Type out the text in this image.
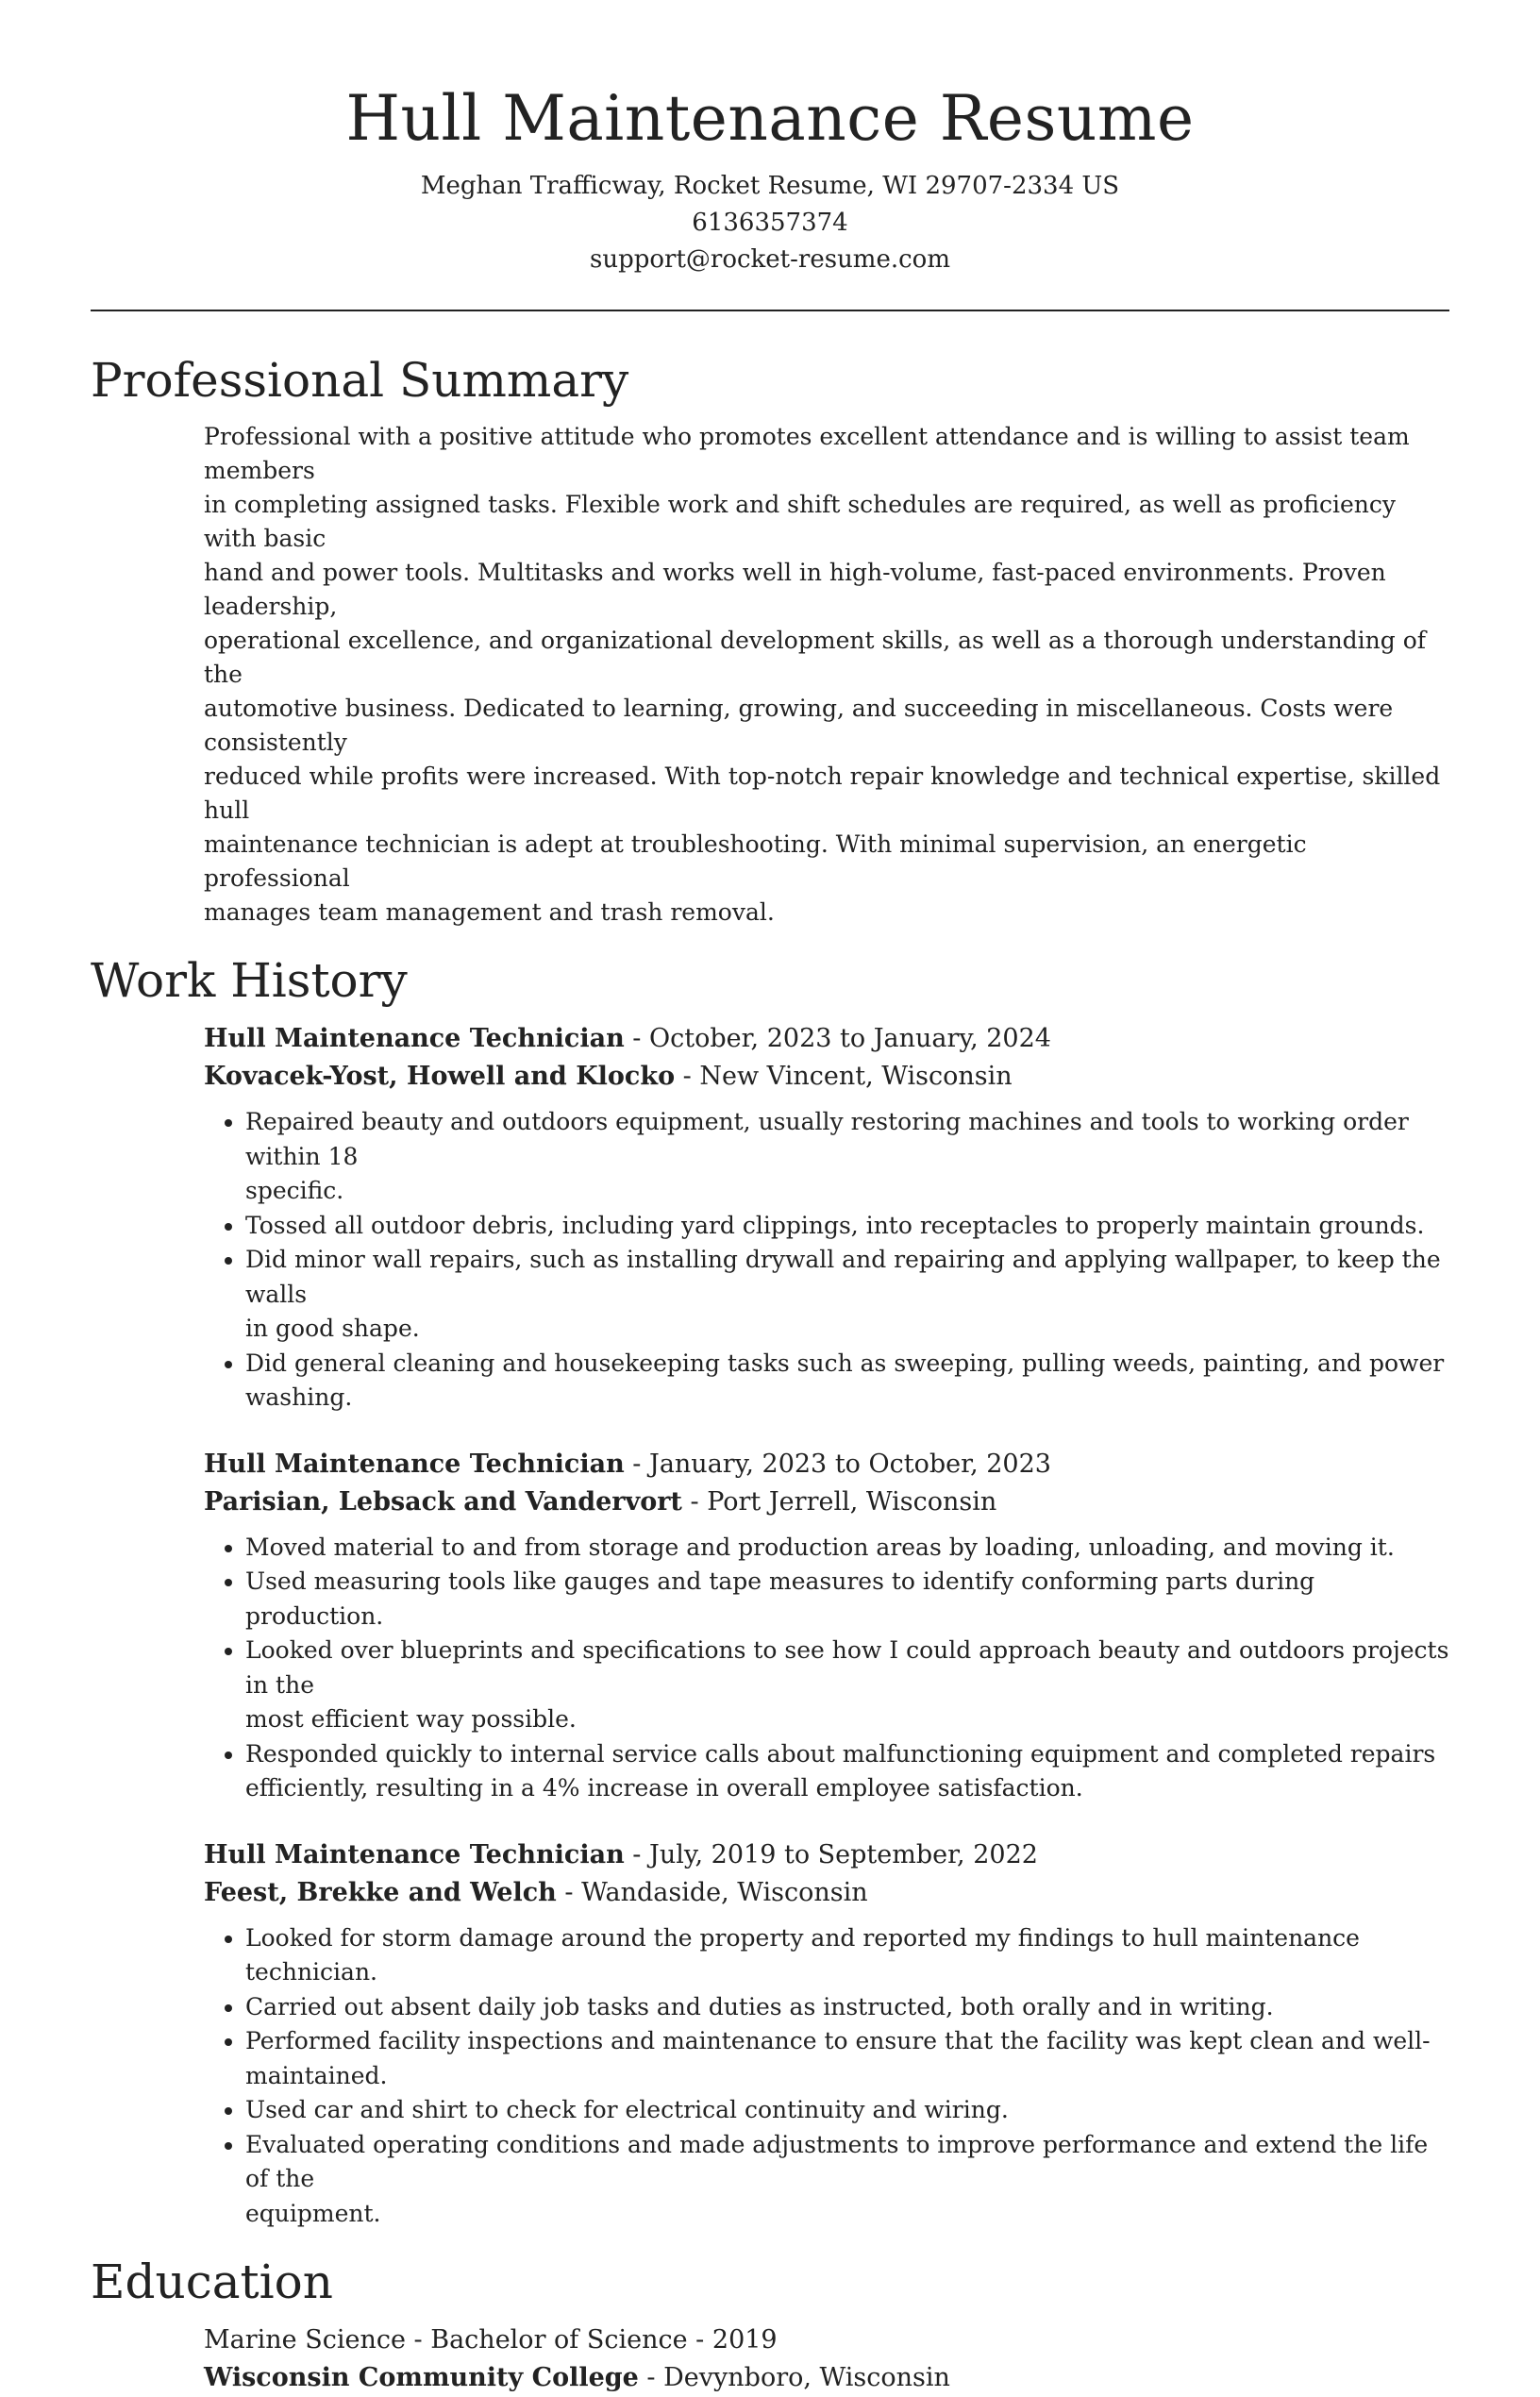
Hull Maintenance Resume
Meghan Trafficway, Rocket Resume, WI 29707-2334 US
6136357374
support@rocket-resume.com
Professional Summary
Professional with a positive attitude who promotes excellent attendance and is willing to assist team members
in completing assigned tasks. Flexible work and shift schedules are required, as well as proficiency with basic
hand and power tools. Multitasks and works well in high-volume, fast-paced environments. Proven leadership,
operational excellence, and organizational development skills, as well as a thorough understanding of the
automotive business. Dedicated to learning, growing, and succeeding in miscellaneous. Costs were consistently
reduced while profits were increased. With top-notch repair knowledge and technical expertise, skilled hull
maintenance technician is adept at troubleshooting. With minimal supervision, an energetic professional
manages team management and trash removal.
Work History
Hull Maintenance Technician - October, 2023 to January, 2024
Kovacek-Yost, Howell and Klocko - New Vincent, Wisconsin
• Repaired beauty and outdoors equipment, usually restoring machines and tools to working order within 18
specific.
• Tossed all outdoor debris, including yard clippings, into receptacles to properly maintain grounds.
• Did minor wall repairs, such as installing drywall and repairing and applying wallpaper, to keep the walls
in good shape.
• Did general cleaning and housekeeping tasks such as sweeping, pulling weeds, painting, and power
washing.
Hull Maintenance Technician - January, 2023 to October, 2023
Parisian, Lebsack and Vandervort - Port Jerrell, Wisconsin
• Moved material to and from storage and production areas by loading, unloading, and moving it.
• Used measuring tools like gauges and tape measures to identify conforming parts during production.
• Looked over blueprints and specifications to see how I could approach beauty and outdoors projects in the
most efficient way possible.
• Responded quickly to internal service calls about malfunctioning equipment and completed repairs
efficiently, resulting in a 4% increase in overall employee satisfaction.
Hull Maintenance Technician - July, 2019 to September, 2022
Feest, Brekke and Welch - Wandaside, Wisconsin
• Looked for storm damage around the property and reported my findings to hull maintenance technician.
• Carried out absent daily job tasks and duties as instructed, both orally and in writing.
• Performed facility inspections and maintenance to ensure that the facility was kept clean and well-
maintained.
• Used car and shirt to check for electrical continuity and wiring.
• Evaluated operating conditions and made adjustments to improve performance and extend the life of the
equipment.
Education
Marine Science - Bachelor of Science - 2019
Wisconsin Community College - Devynboro, Wisconsin
